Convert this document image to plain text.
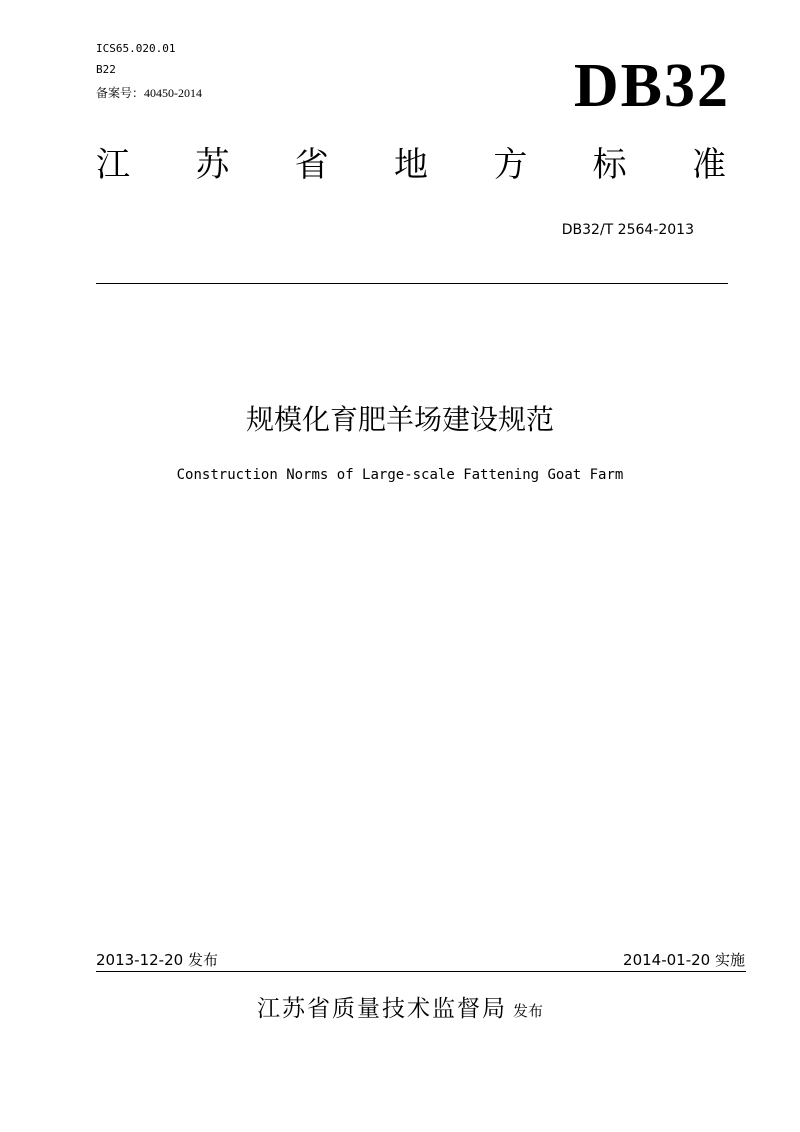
ICS65.020.01
B22
备案号：40450-2014	DB32
江 苏 省 地 方 标 准
DB32/T 2564-2013
规模化育肥羊场建设规范
Construction Norms of Large-scale Fattening Goat Farm
2013-12-20 发布	2014-01-20 实施
江苏省质量技术监督局 发布
